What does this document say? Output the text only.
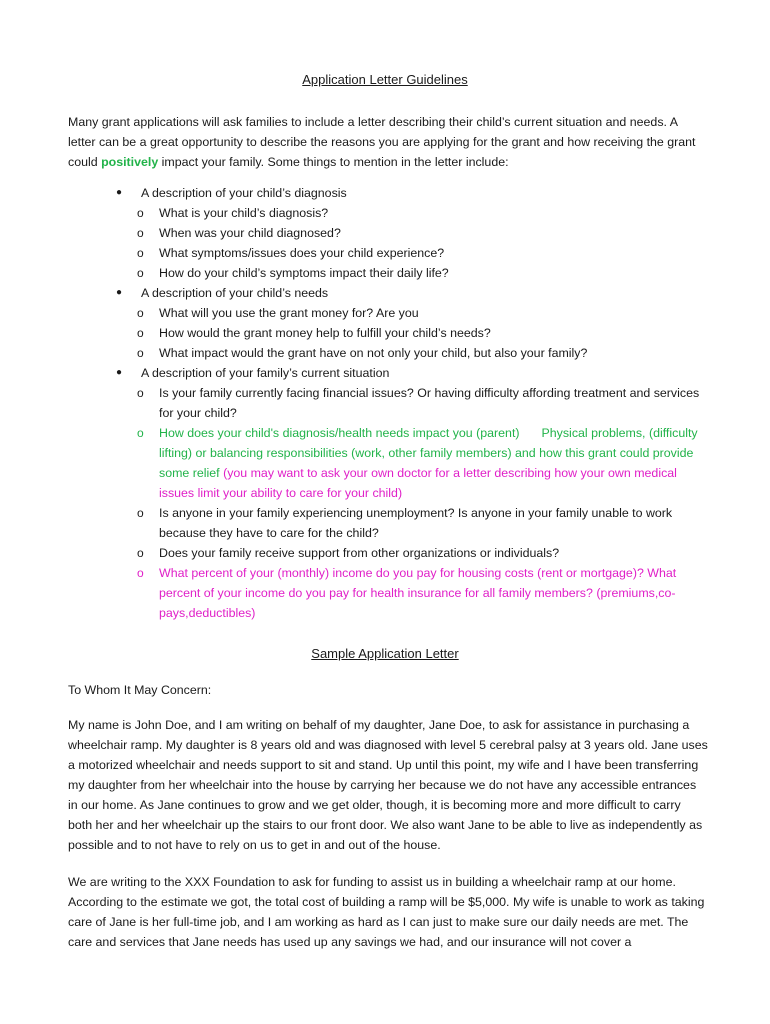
Application Letter Guidelines
Many grant applications will ask families to include a letter describing their child’s current situation and needs. A letter can be a great opportunity to describe the reasons you are applying for the grant and how receiving the grant could positively impact your family. Some things to mention in the letter include:
● A description of your child’s diagnosis
o What is your child’s diagnosis?
o When was your child diagnosed?
o What symptoms/issues does your child experience?
o How do your child’s symptoms impact their daily life?
● A description of your child’s needs
o What will you use the grant money for? Are you
o How would the grant money help to fulfill your child’s needs?
o What impact would the grant have on not only your child, but also your family?
● A description of your family’s current situation
o Is your family currently facing financial issues? Or having difficulty affording treatment and services for your child?
o How does your child's diagnosis/health needs impact you (parent) Physical problems, (difficulty lifting) or balancing responsibilities (work, other family members) and how this grant could provide some relief (you may want to ask your own doctor for a letter describing how your own medical issues limit your ability to care for your child)
o Is anyone in your family experiencing unemployment? Is anyone in your family unable to work because they have to care for the child?
o Does your family receive support from other organizations or individuals?
o What percent of your (monthly) income do you pay for housing costs (rent or mortgage)? What percent of your income do you pay for health insurance for all family members? (premiums,co-pays,deductibles)
Sample Application Letter
To Whom It May Concern:
My name is John Doe, and I am writing on behalf of my daughter, Jane Doe, to ask for assistance in purchasing a wheelchair ramp. My daughter is 8 years old and was diagnosed with level 5 cerebral palsy at 3 years old. Jane uses a motorized wheelchair and needs support to sit and stand. Up until this point, my wife and I have been transferring my daughter from her wheelchair into the house by carrying her because we do not have any accessible entrances in our home. As Jane continues to grow and we get older, though, it is becoming more and more difficult to carry both her and her wheelchair up the stairs to our front door. We also want Jane to be able to live as independently as possible and to not have to rely on us to get in and out of the house.
We are writing to the XXX Foundation to ask for funding to assist us in building a wheelchair ramp at our home. According to the estimate we got, the total cost of building a ramp will be $5,000. My wife is unable to work as taking care of Jane is her full-time job, and I am working as hard as I can just to make sure our daily needs are met. The care and services that Jane needs has used up any savings we had, and our insurance will not cover a
